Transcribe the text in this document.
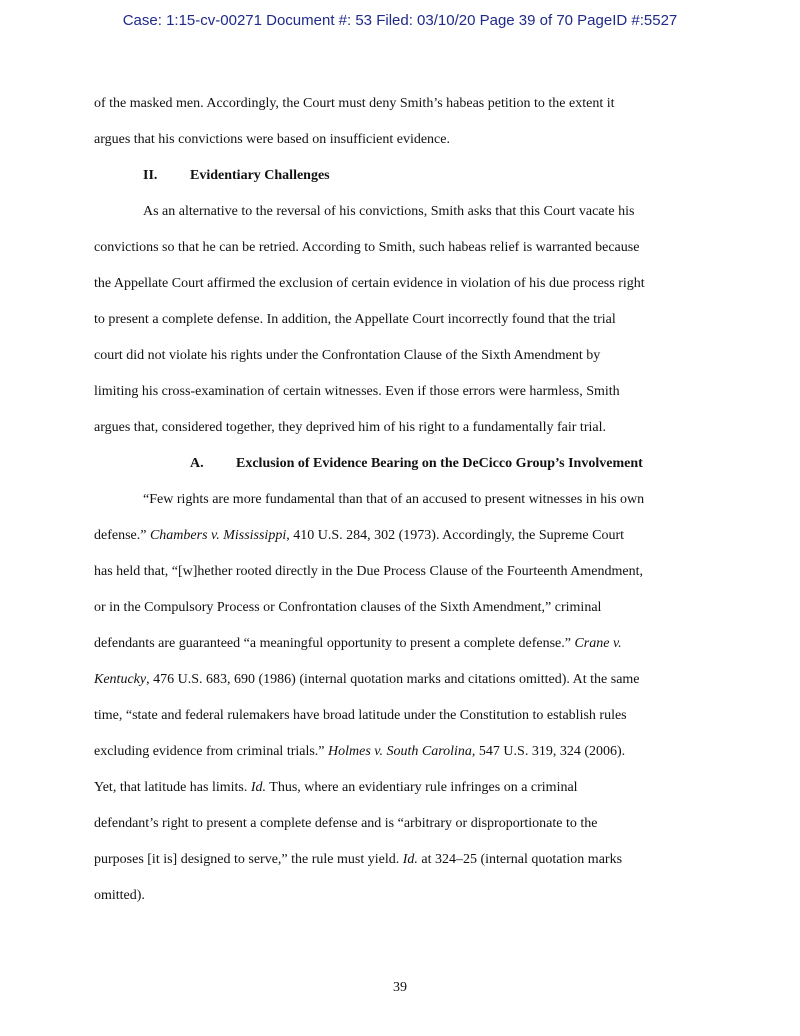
Case: 1:15-cv-00271 Document #: 53 Filed: 03/10/20 Page 39 of 70 PageID #:5527
of the masked men. Accordingly, the Court must deny Smith’s habeas petition to the extent it
argues that his convictions were based on insufficient evidence.
II. Evidentiary Challenges
As an alternative to the reversal of his convictions, Smith asks that this Court vacate his
convictions so that he can be retried. According to Smith, such habeas relief is warranted because
the Appellate Court affirmed the exclusion of certain evidence in violation of his due process right
to present a complete defense. In addition, the Appellate Court incorrectly found that the trial
court did not violate his rights under the Confrontation Clause of the Sixth Amendment by
limiting his cross-examination of certain witnesses. Even if those errors were harmless, Smith
argues that, considered together, they deprived him of his right to a fundamentally fair trial.
A. Exclusion of Evidence Bearing on the DeCicco Group’s Involvement
“Few rights are more fundamental than that of an accused to present witnesses in his own
defense.” Chambers v. Mississippi, 410 U.S. 284, 302 (1973). Accordingly, the Supreme Court
has held that, “[w]hether rooted directly in the Due Process Clause of the Fourteenth Amendment,
or in the Compulsory Process or Confrontation clauses of the Sixth Amendment,” criminal
defendants are guaranteed “a meaningful opportunity to present a complete defense.” Crane v.
Kentucky, 476 U.S. 683, 690 (1986) (internal quotation marks and citations omitted). At the same
time, “state and federal rulemakers have broad latitude under the Constitution to establish rules
excluding evidence from criminal trials.” Holmes v. South Carolina, 547 U.S. 319, 324 (2006).
Yet, that latitude has limits. Id. Thus, where an evidentiary rule infringes on a criminal
defendant’s right to present a complete defense and is “arbitrary or disproportionate to the
purposes [it is] designed to serve,” the rule must yield. Id. at 324–25 (internal quotation marks
omitted).
39
